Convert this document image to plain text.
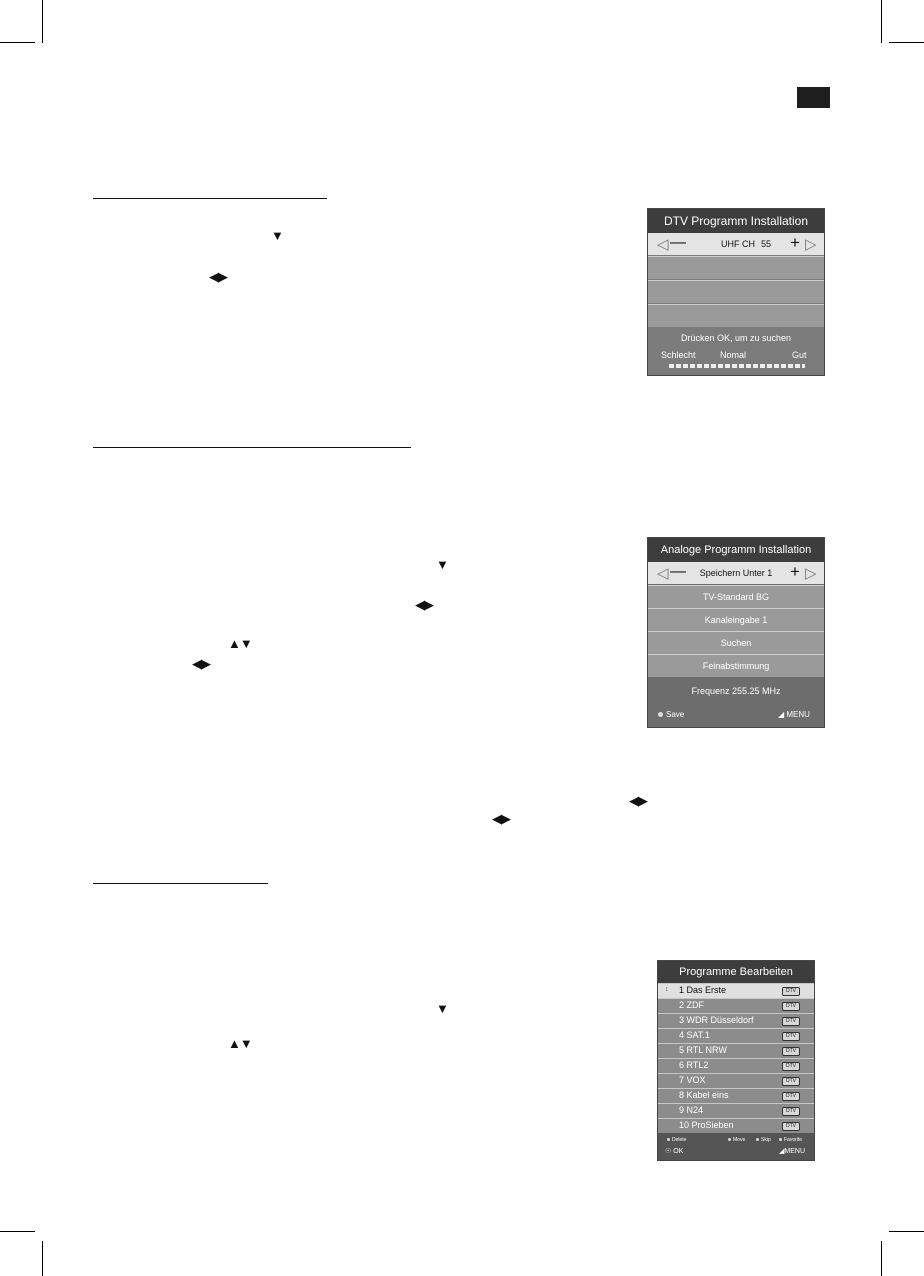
▼
◀▶
▼
◀▶
▲▼
◀▶
◀▶
◀▶
▼
▲▼
DTV Programm Installation
◁ —	UHF CH 55 + ▷
Drücken OK, um zu suchen
Schlecht	Nomal	Gut
Analoge Programm Installation
◁ —	Speichern Unter 1	+ ▷
TV-Standard BG
Kanaleingabe 1
Suchen
Feinabstimmung
Frequenz 255.25 MHz
Save	◢ MENU
Programme Bearbeiten
↕ 1 Das Erste	DTV
2 ZDF	DTV
3 WDR Düsseldorf	DTV
4 SAT.1	DTV
5 RTL NRW	DTV
6 RTL2	DTV
7 VOX	DTV
8 Kabel eins	DTV
9 N24	DTV
10 ProSieben	DTV
Delete	Move	Skip	Favorite
☉ OK	◢MENU
